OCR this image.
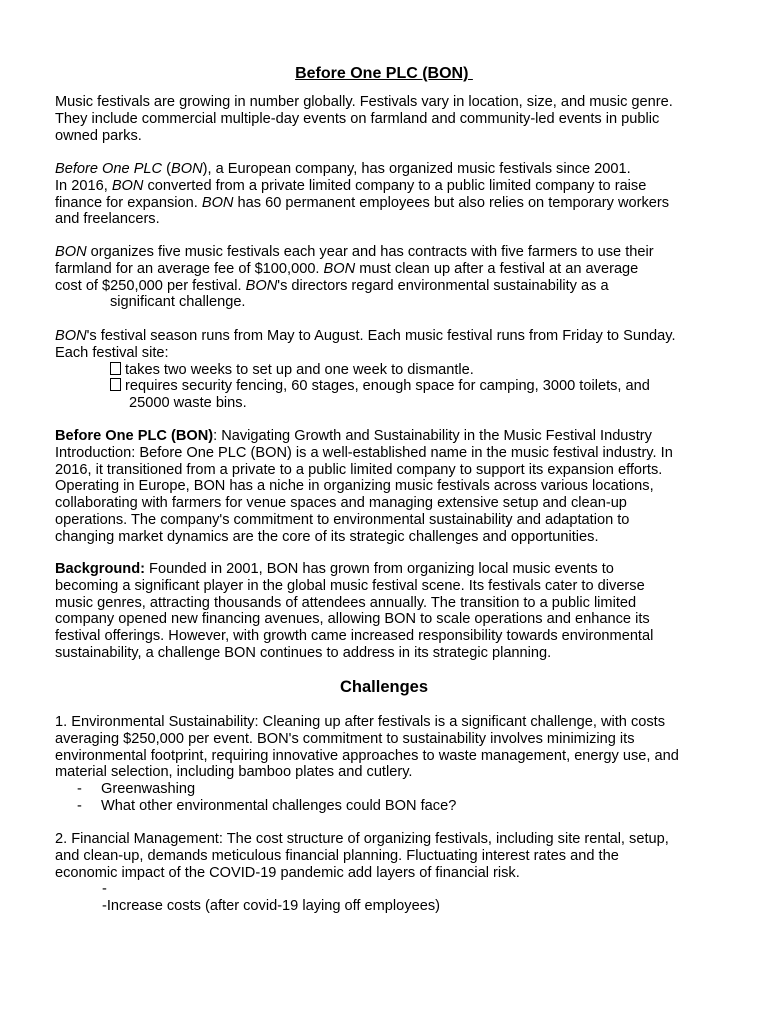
Before One PLC (BON)
Music festivals are growing in number globally. Festivals vary in location, size, and music genre.
They include commercial multiple-day events on farmland and community-led events in public
owned parks.
Before One PLC (BON), a European company, has organized music festivals since 2001.
In 2016, BON converted from a private limited company to a public limited company to raise
finance for expansion. BON has 60 permanent employees but also relies on temporary workers
and freelancers.
BON organizes five music festivals each year and has contracts with five farmers to use their
farmland for an average fee of $100,000. BON must clean up after a festival at an average
cost of $250,000 per festival. BON's directors regard environmental sustainability as a
significant challenge.
BON's festival season runs from May to August. Each music festival runs from Friday to Sunday.
Each festival site:
takes two weeks to set up and one week to dismantle.
requires security fencing, 60 stages, enough space for camping, 3000 toilets, and
25000 waste bins.
Before One PLC (BON): Navigating Growth and Sustainability in the Music Festival Industry
Introduction: Before One PLC (BON) is a well-established name in the music festival industry. In
2016, it transitioned from a private to a public limited company to support its expansion efforts.
Operating in Europe, BON has a niche in organizing music festivals across various locations,
collaborating with farmers for venue spaces and managing extensive setup and clean-up
operations. The company's commitment to environmental sustainability and adaptation to
changing market dynamics are the core of its strategic challenges and opportunities.
Background: Founded in 2001, BON has grown from organizing local music events to
becoming a significant player in the global music festival scene. Its festivals cater to diverse
music genres, attracting thousands of attendees annually. The transition to a public limited
company opened new financing avenues, allowing BON to scale operations and enhance its
festival offerings. However, with growth came increased responsibility towards environmental
sustainability, a challenge BON continues to address in its strategic planning.
Challenges
1. Environmental Sustainability: Cleaning up after festivals is a significant challenge, with costs
averaging $250,000 per event. BON's commitment to sustainability involves minimizing its
environmental footprint, requiring innovative approaches to waste management, energy use, and
material selection, including bamboo plates and cutlery.
- Greenwashing
- What other environmental challenges could BON face?
2. Financial Management: The cost structure of organizing festivals, including site rental, setup,
and clean-up, demands meticulous financial planning. Fluctuating interest rates and the
economic impact of the COVID-19 pandemic add layers of financial risk.
-
-Increase costs (after covid-19 laying off employees)
